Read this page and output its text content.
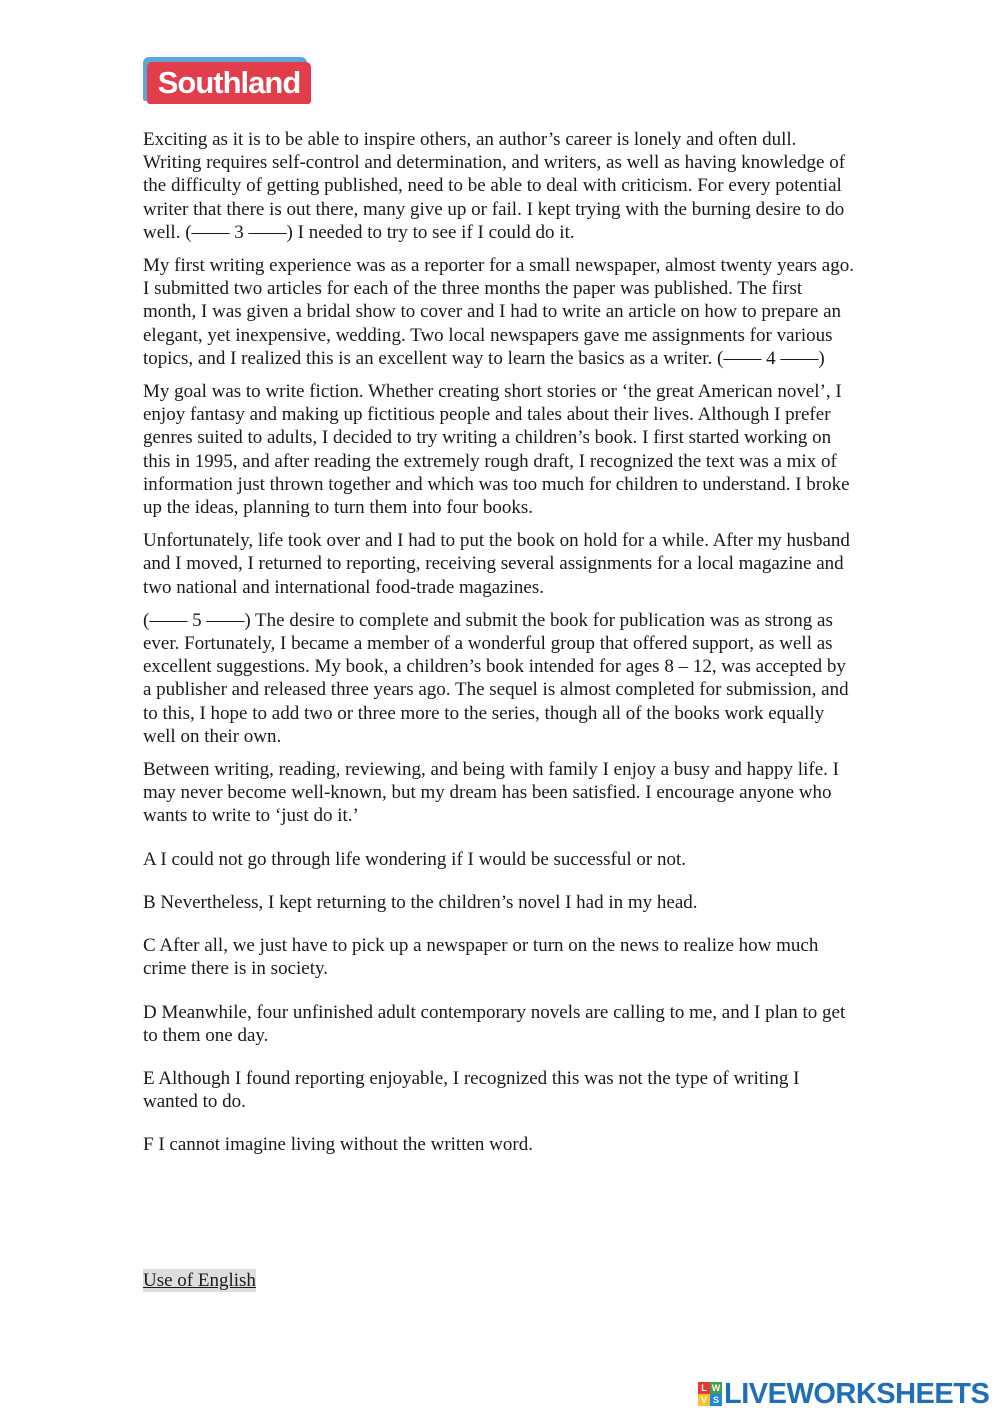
Southland

Exciting as it is to be able to inspire others, an author’s career is lonely and often dull. Writing requires self-control and determination, and writers, as well as having knowledge of the difficulty of getting published, need to be able to deal with criticism. For every potential writer that there is out there, many give up or fail. I kept trying with the burning desire to do well. (—— 3 ——) I needed to try to see if I could do it.

My first writing experience was as a reporter for a small newspaper, almost twenty years ago. I submitted two articles for each of the three months the paper was published. The first month, I was given a bridal show to cover and I had to write an article on how to prepare an elegant, yet inexpensive, wedding. Two local newspapers gave me assignments for various topics, and I realized this is an excellent way to learn the basics as a writer. (—— 4 ——)

My goal was to write fiction. Whether creating short stories or ‘the great American novel’, I enjoy fantasy and making up fictitious people and tales about their lives. Although I prefer genres suited to adults, I decided to try writing a children’s book. I first started working on this in 1995, and after reading the extremely rough draft, I recognized the text was a mix of information just thrown together and which was too much for children to understand. I broke up the ideas, planning to turn them into four books.

Unfortunately, life took over and I had to put the book on hold for a while. After my husband and I moved, I returned to reporting, receiving several assignments for a local magazine and two national and international food-trade magazines.

(—— 5 ——) The desire to complete and submit the book for publication was as strong as ever. Fortunately, I became a member of a wonderful group that offered support, as well as excellent suggestions. My book, a children’s book intended for ages 8 – 12, was accepted by a publisher and released three years ago. The sequel is almost completed for submission, and to this, I hope to add two or three more to the series, though all of the books work equally well on their own.

Between writing, reading, reviewing, and being with family I enjoy a busy and happy life. I may never become well-known, but my dream has been satisfied. I encourage anyone who wants to write to ‘just do it.’

A I could not go through life wondering if I would be successful or not.

B Nevertheless, I kept returning to the children’s novel I had in my head.

C After all, we just have to pick up a newspaper or turn on the news to realize how much crime there is in society.

D Meanwhile, four unfinished adult contemporary novels are calling to me, and I plan to get to them one day.

E Although I found reporting enjoyable, I recognized this was not the type of writing I wanted to do.

F I cannot imagine living without the written word.

Use of English
L W
V S LIVEWORKSHEETS
